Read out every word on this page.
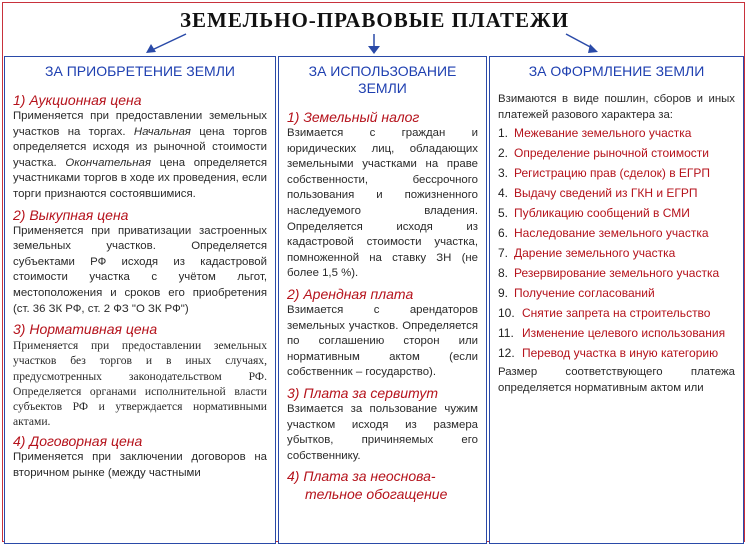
ЗЕМЕЛЬНО-ПРАВОВЫЕ ПЛАТЕЖИ
ЗА ПРИОБРЕТЕНИЕ ЗЕМЛИ
1) Аукционная цена
Применяется при предоставлении земельных участков на торгах. Начальная цена торгов определяется исходя из рыночной стоимости участка. Окончательная цена определяется участниками торгов в ходе их проведения, если торги признаются состоявшимися.
2) Выкупная цена
Применяется при приватизации застроенных земельных участков. Определяется субъектами РФ исходя из кадастровой стоимости участка с учётом льгот, местоположения и сроков его приобретения (ст. 36 ЗК РФ, ст. 2 ФЗ "О ЗК РФ")
3) Нормативная цена
Применяется при предоставлении земельных участков без торгов и в иных случаях, предусмотренных законодательством РФ. Определяется органами исполнительной власти субъектов РФ и утверждается нормативными актами.
4) Договорная цена
Применяется при заключении договоров на вторичном рынке (между частными
ЗА ИСПОЛЬЗОВАНИЕ ЗЕМЛИ
1) Земельный налог
Взимается с граждан и юридических лиц, обладающих земельными участками на праве собственности, бессрочного пользования и пожизненного наследуемого владения. Определяется исходя из кадастровой стоимости участка, помноженной на ставку ЗН (не более 1,5 %).
2) Арендная плата
Взимается с арендаторов земельных участков. Определяется по соглашению сторон или нормативным актом (если собственник – государство).
3) Плата за сервитут
Взимается за пользование чужим участком исходя из размера убытков, причиняемых его собственнику.
4) Плата за неоснова-
тельное обогащение
ЗА ОФОРМЛЕНИЕ ЗЕМЛИ
Взимаются в виде пошлин, сборов и иных платежей разового характера за:
1. Межевание земельного участка
2. Определение рыночной стоимости
3. Регистрацию прав (сделок) в ЕГРП
4. Выдачу сведений из ГКН и ЕГРП
5. Публикацию сообщений в СМИ
6. Наследование земельного участка
7. Дарение земельного участка
8. Резервирование земельного участка
9. Получение согласований
10. Снятие запрета на строительство
11. Изменение целевого использования
12. Перевод участка в иную категорию
Размер соответствующего платежа определяется нормативным актом или
